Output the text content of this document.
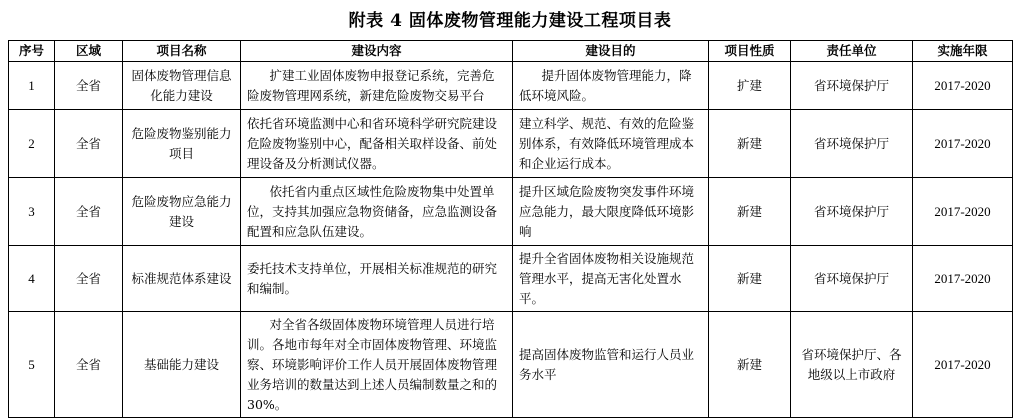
附表 4 固体废物管理能力建设工程项目表
序号	区域	项目名称	建设内容	建设目的	项目性质	责任单位	实施年限
1	全省	固体废物管理信息化能力建设	扩建工业固体废物申报登记系统，完善危险废物管理网系统，新建危险废物交易平台	提升固体废物管理能力，降低环境风险。	扩建	省环境保护厅	2017-2020
2	全省	危险废物鉴别能力项目	依托省环境监测中心和省环境科学研究院建设危险废物鉴别中心，配备相关取样设备、前处理设备及分析测试仪器。	建立科学、规范、有效的危险鉴别体系，有效降低环境管理成本和企业运行成本。	新建	省环境保护厅	2017-2020
3	全省	危险废物应急能力建设	依托省内重点区域性危险废物集中处置单位，支持其加强应急物资储备，应急监测设备配置和应急队伍建设。	提升区域危险废物突发事件环境应急能力，最大限度降低环境影响	新建	省环境保护厅	2017-2020
4	全省	标准规范体系建设	委托技术支持单位，开展相关标准规范的研究和编制。	提升全省固体废物相关设施规范管理水平，提高无害化处置水平。	新建	省环境保护厅	2017-2020
5	全省	基础能力建设	对全省各级固体废物环境管理人员进行培训。各地市每年对全市固体废物管理、环境监察、环境影响评价工作人员开展固体废物管理业务培训的数量达到上述人员编制数量之和的 30%。	提高固体废物监管和运行人员业务水平	新建	省环境保护厅、各地级以上市政府	2017-2020
